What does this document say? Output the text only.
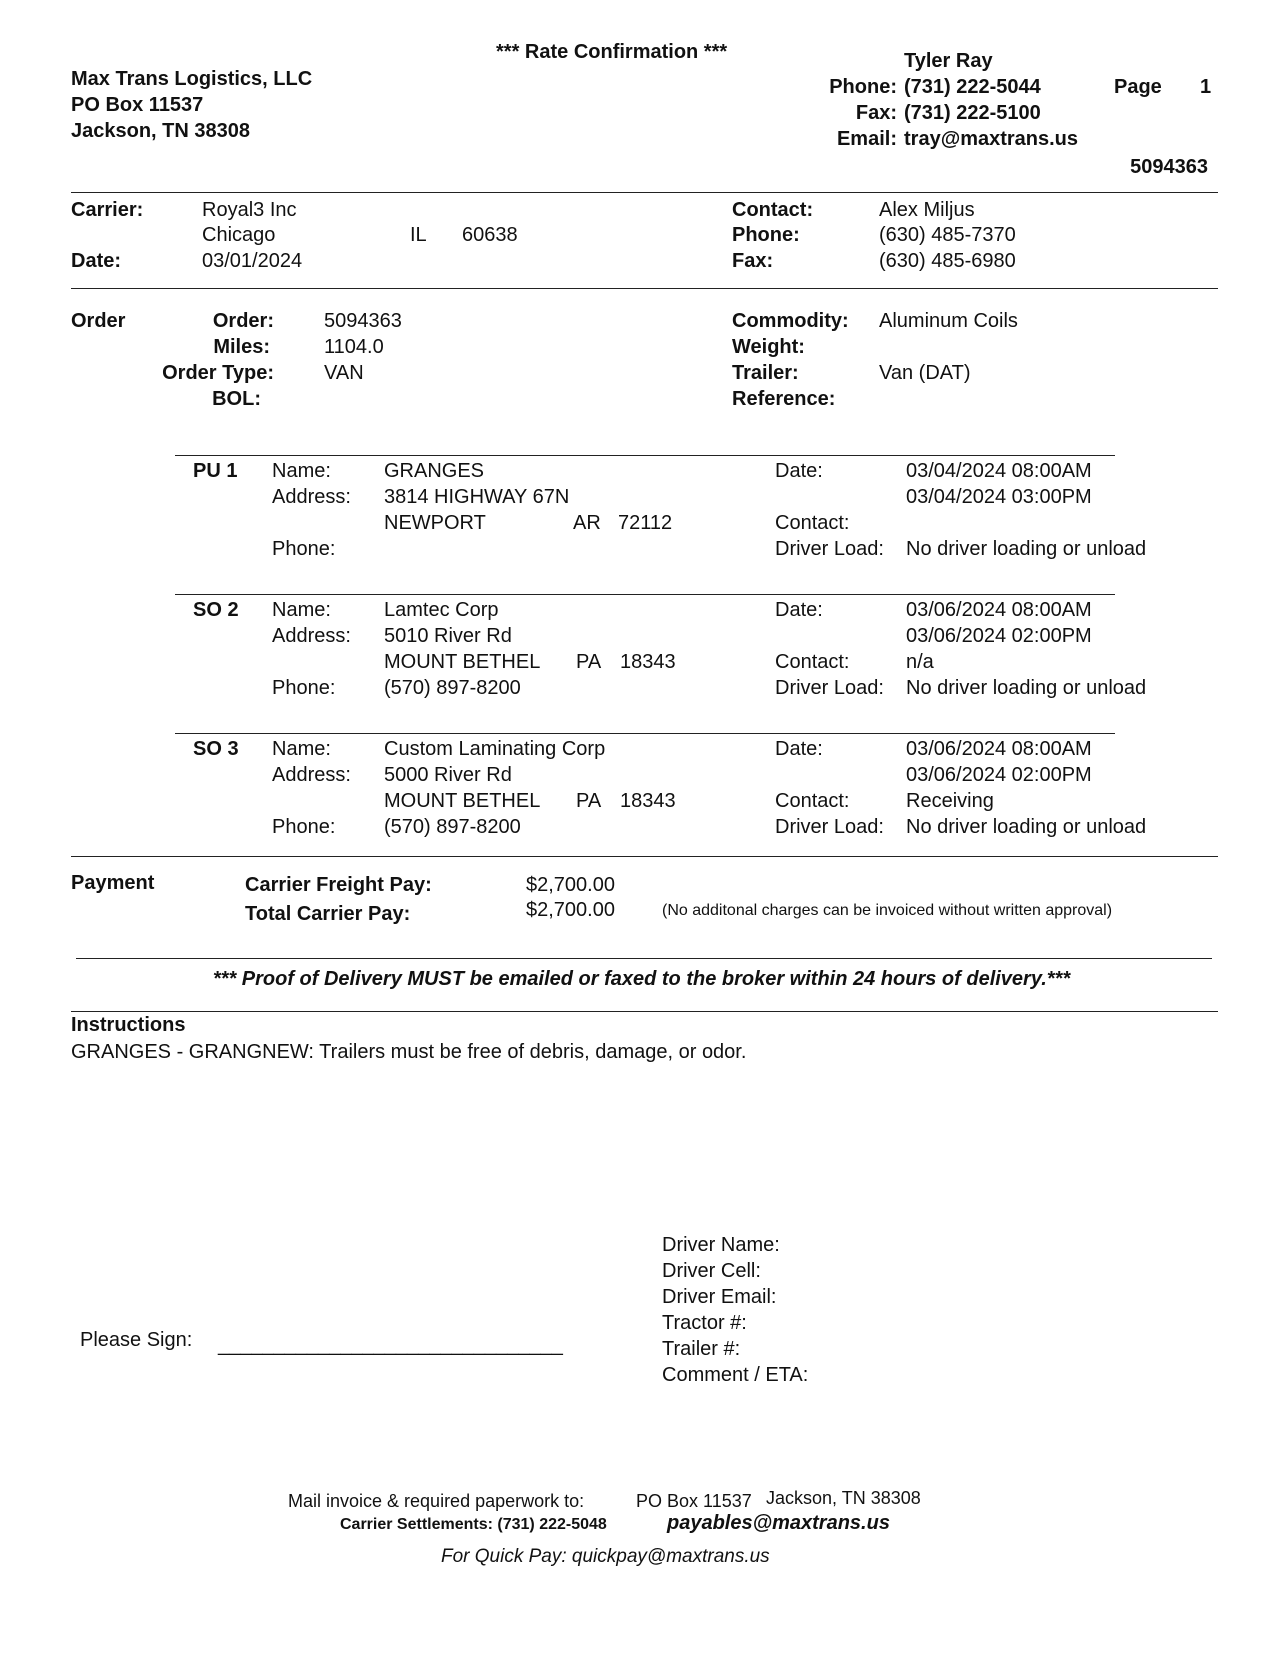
*** Rate Confirmation ***
Max Trans Logistics, LLC
PO Box 11537
Jackson, TN 38308
Tyler Ray
Phone: (731) 222-5044
Fax: (731) 222-5100
Email: tray@maxtrans.us
Page 1
5094363
Carrier:	Royal3 Inc
Chicago	IL 60638
Date:	03/01/2024
Contact:	Alex Miljus
Phone:	(630) 485-7370
Fax:	(630) 485-6980
Order	Order:	5094363
Miles:	1104.0
Order Type:	VAN
BOL:
Commodity: Aluminum Coils
Weight:
Trailer:	Van (DAT)
Reference:
PU 1 Name:	GRANGES
Address: 3814 HIGHWAY 67N
NEWPORT	AR 72112
Phone:
Date:	03/04/2024 08:00AM
03/04/2024 03:00PM
Contact:
Driver Load: No driver loading or unload
SO 2 Name:	Lamtec Corp
Address: 5010 River Rd
MOUNT BETHEL PA 18343
Phone: (570) 897-8200
Date:	03/06/2024 08:00AM
03/06/2024 02:00PM
Contact:	n/a
Driver Load: No driver loading or unload
SO 3 Name:	Custom Laminating Corp
Address: 5000 River Rd
MOUNT BETHEL PA 18343
Phone: (570) 897-8200
Date:	03/06/2024 08:00AM
03/06/2024 02:00PM
Contact:	Receiving
Driver Load: No driver loading or unload
Payment	Carrier Freight Pay:	$2,700.00
Total Carrier Pay:	$2,700.00	(No additonal charges can be invoiced without written approval)
*** Proof of Delivery MUST be emailed or faxed to the broker within 24 hours of delivery.***
Instructions
GRANGES - GRANGNEW: Trailers must be free of debris, damage, or odor.
Please Sign: _______________________________
Driver Name:
Driver Cell:
Driver Email:
Tractor #:
Trailer #:
Comment / ETA:
Mail invoice & required paperwork to:	PO Box 11537 Jackson, TN 38308
Carrier Settlements: (731) 222-5048	payables@maxtrans.us
For Quick Pay: quickpay@maxtrans.us
